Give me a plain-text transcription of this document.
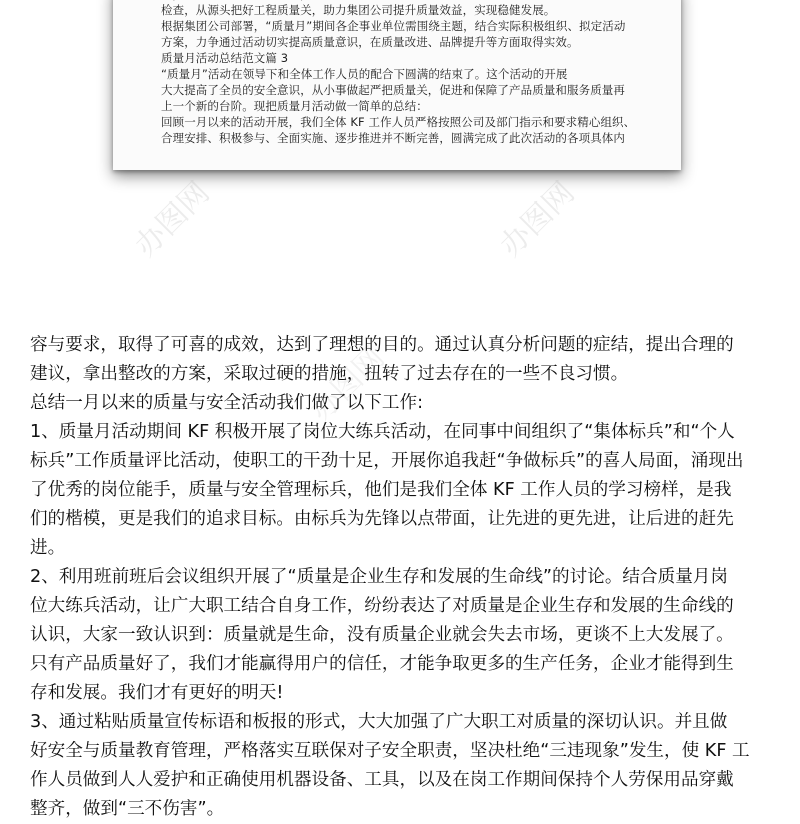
检查，从源头把好工程质量关，助力集团公司提升质量效益，实现稳健发展。
根据集团公司部署，“质量月”期间各企事业单位需围绕主题，结合实际积极组织、拟定活动
方案，力争通过活动切实提高质量意识，在质量改进、品牌提升等方面取得实效。
质量月活动总结范文篇 3
“质量月”活动在领导下和全体工作人员的配合下圆满的结束了。这个活动的开展
大大提高了全员的安全意识，从小事做起严把质量关，促进和保障了产品质量和服务质量再
上一个新的台阶。现把质量月活动做一简单的总结：
回顾一月以来的活动开展，我们全体 KF 工作人员严格按照公司及部门指示和要求精心组织、
合理安排、积极参与、全面实施、逐步推进并不断完善，圆满完成了此次活动的各项具体内
办图网	办图网
办图网
容与要求，取得了可喜的成效，达到了理想的目的。通过认真分析问题的症结，提出合理的
建议，拿出整改的方案，采取过硬的措施，扭转了过去存在的一些不良习惯。
总结一月以来的质量与安全活动我们做了以下工作:
1、质量月活动期间 KF 积极开展了岗位大练兵活动，在同事中间组织了“集体标兵”和“个人
标兵”工作质量评比活动，使职工的干劲十足，开展你追我赶“争做标兵”的喜人局面，涌现出
了优秀的岗位能手，质量与安全管理标兵，他们是我们全体 KF 工作人员的学习榜样，是我
们的楷模，更是我们的追求目标。由标兵为先锋以点带面，让先进的更先进，让后进的赶先
进。
2、利用班前班后会议组织开展了“质量是企业生存和发展的生命线”的讨论。结合质量月岗
位大练兵活动，让广大职工结合自身工作，纷纷表达了对质量是企业生存和发展的生命线的
认识，大家一致认识到：质量就是生命，没有质量企业就会失去市场，更谈不上大发展了。
只有产品质量好了，我们才能赢得用户的信任，才能争取更多的生产任务，企业才能得到生
存和发展。我们才有更好的明天!
3、通过粘贴质量宣传标语和板报的形式，大大加强了广大职工对质量的深切认识。并且做
好安全与质量教育管理，严格落实互联保对子安全职责，坚决杜绝“三违现象”发生，使 KF 工
作人员做到人人爱护和正确使用机器设备、工具，以及在岗工作期间保持个人劳保用品穿戴
整齐，做到“三不伤害”。
